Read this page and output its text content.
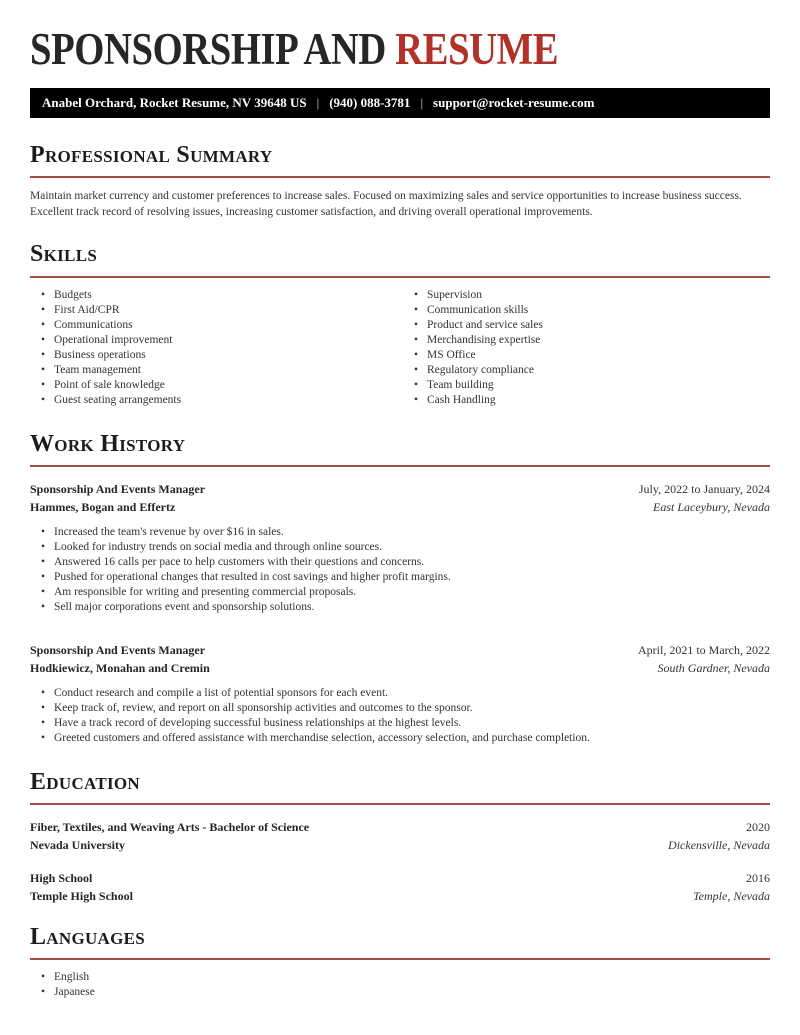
SPONSORSHIP AND RESUME
Anabel Orchard, Rocket Resume, NV 39648 US | (940) 088-3781 | support@rocket-resume.com
Professional Summary

Maintain market currency and customer preferences to increase sales. Focused on maximizing sales and service opportunities to increase business success. Excellent track record of resolving issues, increasing customer satisfaction, and driving overall operational improvements.

Skills
• Budgets
• First Aid/CPR
• Communications
• Operational improvement
• Business operations
• Team management
• Point of sale knowledge
• Guest seating arrangements
• Supervision
• Communication skills
• Product and service sales
• Merchandising expertise
• MS Office
• Regulatory compliance
• Team building
• Cash Handling
Work History
Sponsorship And Events Manager
Hammes, Bogan and Effertz
July, 2022 to January, 2024
East Laceybury, Nevada
• Increased the team's revenue by over $16 in sales.
• Looked for industry trends on social media and through online sources.
• Answered 16 calls per pace to help customers with their questions and concerns.
• Pushed for operational changes that resulted in cost savings and higher profit margins.
• Am responsible for writing and presenting commercial proposals.
• Sell major corporations event and sponsorship solutions.
Sponsorship And Events Manager
Hodkiewicz, Monahan and Cremin
April, 2021 to March, 2022
South Gardner, Nevada
• Conduct research and compile a list of potential sponsors for each event.
• Keep track of, review, and report on all sponsorship activities and outcomes to the sponsor.
• Have a track record of developing successful business relationships at the highest levels.
• Greeted customers and offered assistance with merchandise selection, accessory selection, and purchase completion.
Education
Fiber, Textiles, and Weaving Arts - Bachelor of Science
Nevada University
2020
Dickensville, Nevada
High School
Temple High School
2016
Temple, Nevada
Languages
• English
• Japanese
